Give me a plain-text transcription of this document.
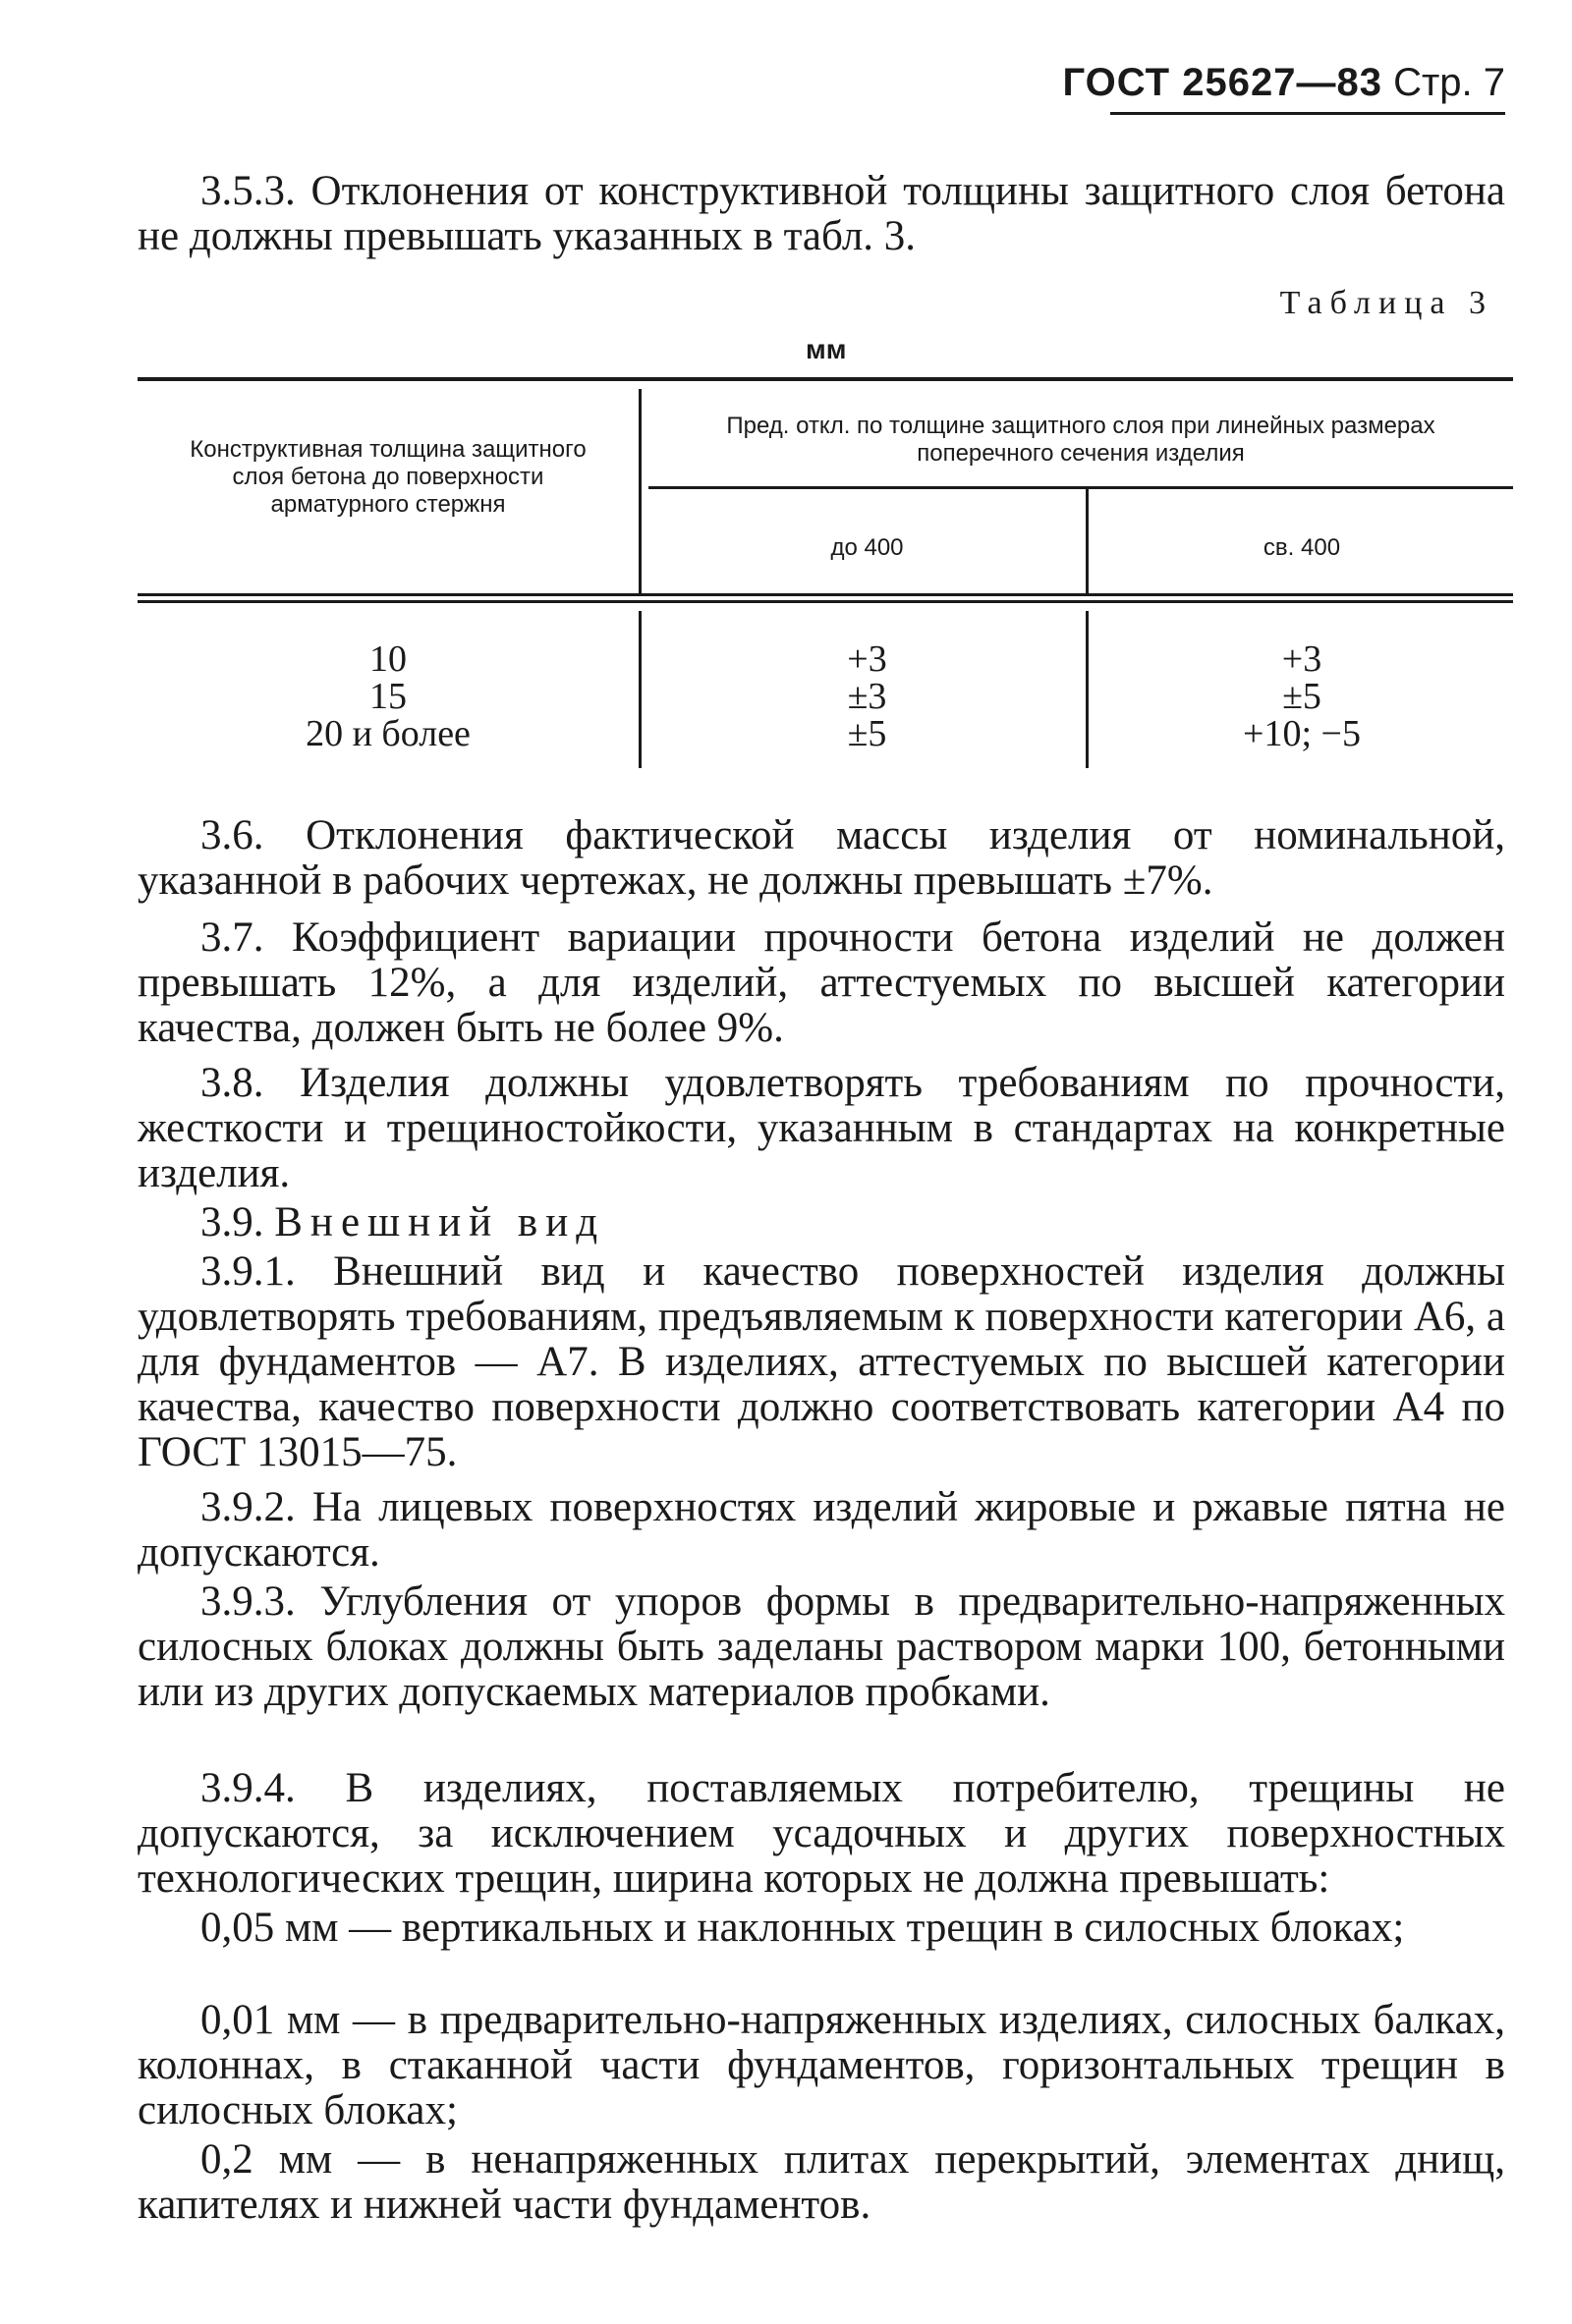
ГОСТ 25627—83 Стр. 7
3.5.3. Отклонения от конструктивной толщины защитного слоя бетона не должны превышать указанных в табл. 3.
Таблица 3
мм
Конструктивная толщина защитного слоя бетона до поверхности арматурного стержня
Пред. откл. по толщине защитного слоя при линейных размерах поперечного сечения изделия
до 400	св. 400
10	+3	+3
15	±3	±5
20 и более	±5	+10; −5
3.6. Отклонения фактической массы изделия от номинальной, указанной в рабочих чертежах, не должны превышать ±7%.
3.7. Коэффициент вариации прочности бетона изделий не должен превышать 12%, а для изделий, аттестуемых по высшей категории качества, должен быть не более 9%.
3.8. Изделия должны удовлетворять требованиям по прочности, жесткости и трещиностойкости, указанным в стандартах на конкретные изделия.
3.9. Внешний вид
3.9.1. Внешний вид и качество поверхностей изделия должны удовлетворять требованиям, предъявляемым к поверхности категории А6, а для фундаментов — А7. В изделиях, аттестуемых по высшей категории качества, качество поверхности должно соответствовать категории А4 по ГОСТ 13015—75.
3.9.2. На лицевых поверхностях изделий жировые и ржавые пятна не допускаются.
3.9.3. Углубления от упоров формы в предварительно-напряженных силосных блоках должны быть заделаны раствором марки 100, бетонными или из других допускаемых материалов пробками.
3.9.4. В изделиях, поставляемых потребителю, трещины не допускаются, за исключением усадочных и других поверхностных технологических трещин, ширина которых не должна превышать:
0,05 мм — вертикальных и наклонных трещин в силосных блоках;
0,01 мм — в предварительно-напряженных изделиях, силосных балках, колоннах, в стаканной части фундаментов, горизонтальных трещин в силосных блоках;
0,2 мм — в ненапряженных плитах перекрытий, элементах днищ, капителях и нижней части фундаментов.
